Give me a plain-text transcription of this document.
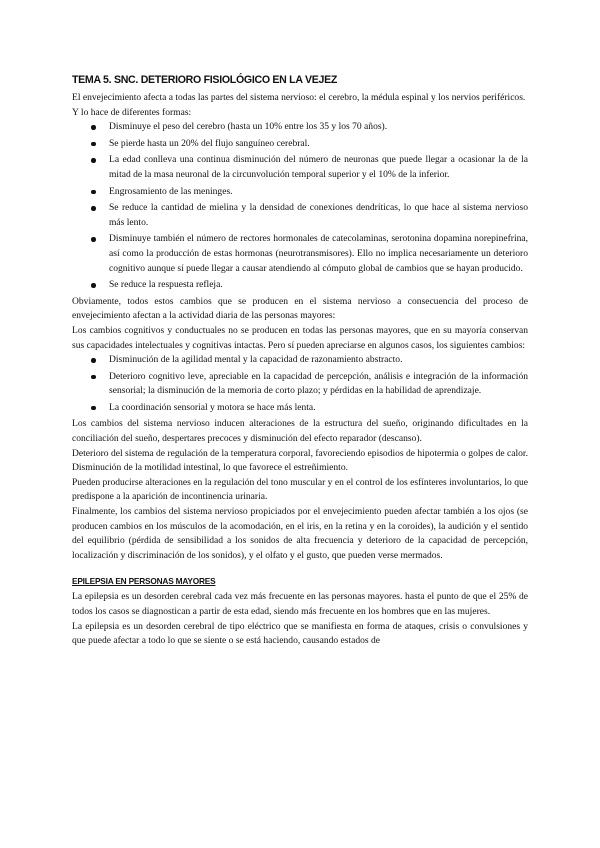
TEMA 5. SNC. DETERIORO FISIOLÓGICO EN LA VEJEZ

El envejecimiento afecta a todas las partes del sistema nervioso: el cerebro, la médula espinal y los nervios periféricos.

Y lo hace de diferentes formas:

Disminuye el peso del cerebro (hasta un 10% entre los 35 y los 70 años).
Se pierde hasta un 20% del flujo sanguíneo cerebral.
La edad conlleva una continua disminución del número de neuronas que puede llegar a ocasionar la de la mitad de la masa neuronal de la circunvolución temporal superior y el 10% de la inferior.
Engrosamiento de las meninges.
Se reduce la cantidad de mielina y la densidad de conexiones dendríticas, lo que hace al sistema nervioso más lento.
Disminuye también el número de rectores hormonales de catecolaminas, serotonina dopamina norepinefrina, así como la producción de estas hormonas (neurotransmisores). Ello no implica necesariamente un deterioro cognitivo aunque sí puede llegar a causar atendiendo al cómputo global de cambios que se hayan producido.
Se reduce la respuesta refleja.

Obviamente, todos estos cambios que se producen en el sistema nervioso a consecuencia del proceso de envejecimiento afectan a la actividad diaria de las personas mayores:

Los cambios cognitivos y conductuales no se producen en todas las personas mayores, que en su mayoría conservan sus capacidades intelectuales y cognitivas intactas. Pero sí pueden apreciarse en algunos casos, los siguientes cambios:

Disminución de la agilidad mental y la capacidad de razonamiento abstracto.
Deterioro cognitivo leve, apreciable en la capacidad de percepción, análisis e integración de la información sensorial; la disminución de la memoria de corto plazo; y pérdidas en la habilidad de aprendizaje.
La coordinación sensorial y motora se hace más lenta.

Los cambios del sistema nervioso inducen alteraciones de la estructura del sueño, originando dificultades en la conciliación del sueño, despertares precoces y disminución del efecto reparador (descanso).

Deterioro del sistema de regulación de la temperatura corporal, favoreciendo episodios de hipotermia o golpes de calor.

Disminución de la motilidad intestinal, lo que favorece el estreñimiento.

Pueden producirse alteraciones en la regulación del tono muscular y en el control de los esfínteres involuntarios, lo que predispone a la aparición de incontinencia urinaria.

Finalmente, los cambios del sistema nervioso propiciados por el envejecimiento pueden afectar también a los ojos (se producen cambios en los músculos de la acomodación, en el iris, en la retina y en la coroides), la audición y el sentido del equilibrio (pérdida de sensibilidad a los sonidos de alta frecuencia y deterioro de la capacidad de percepción, localización y discriminación de los sonidos), y el olfato y el gusto, que pueden verse mermados.

EPILEPSIA EN PERSONAS MAYORES

La epilepsia es un desorden cerebral cada vez más frecuente en las personas mayores. hasta el punto de que el 25% de todos los casos se diagnostican a partir de esta edad, siendo más frecuente en los hombres que en las mujeres.

La epilepsia es un desorden cerebral de tipo eléctrico que se manifiesta en forma de ataques, crisis o convulsiones y que puede afectar a todo lo que se siente o se está haciendo, causando estados de
